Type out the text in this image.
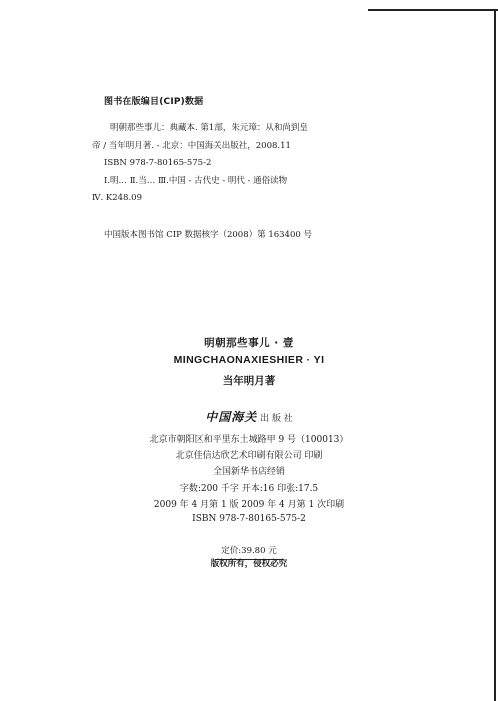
图书在版编目(CIP)数据
明朝那些事儿：典藏本. 第1部，朱元璋：从和尚到皇
帝 / 当年明月著. - 北京：中国海关出版社，2008.11
ISBN 978-7-80165-575-2
Ⅰ.明… Ⅱ.当… Ⅲ.中国 - 古代史 - 明代 - 通俗读物
Ⅳ. K248.09
中国版本图书馆 CIP 数据核字（2008）第 163400 号
明朝那些事儿 · 壹
MINGCHAONAXIESHIER · YI
当年明月著
中国海关 出 版 社
北京市朝阳区和平里东土城路甲 9 号（100013）
北京佳信达欣艺术印刷有限公司 印刷
全国新华书店经销
字数:200 千字 开本:16 印张:17.5
2009 年 4 月第 1 版 2009 年 4 月第 1 次印刷
ISBN 978-7-80165-575-2
定价:39.80 元
版权所有，侵权必究
